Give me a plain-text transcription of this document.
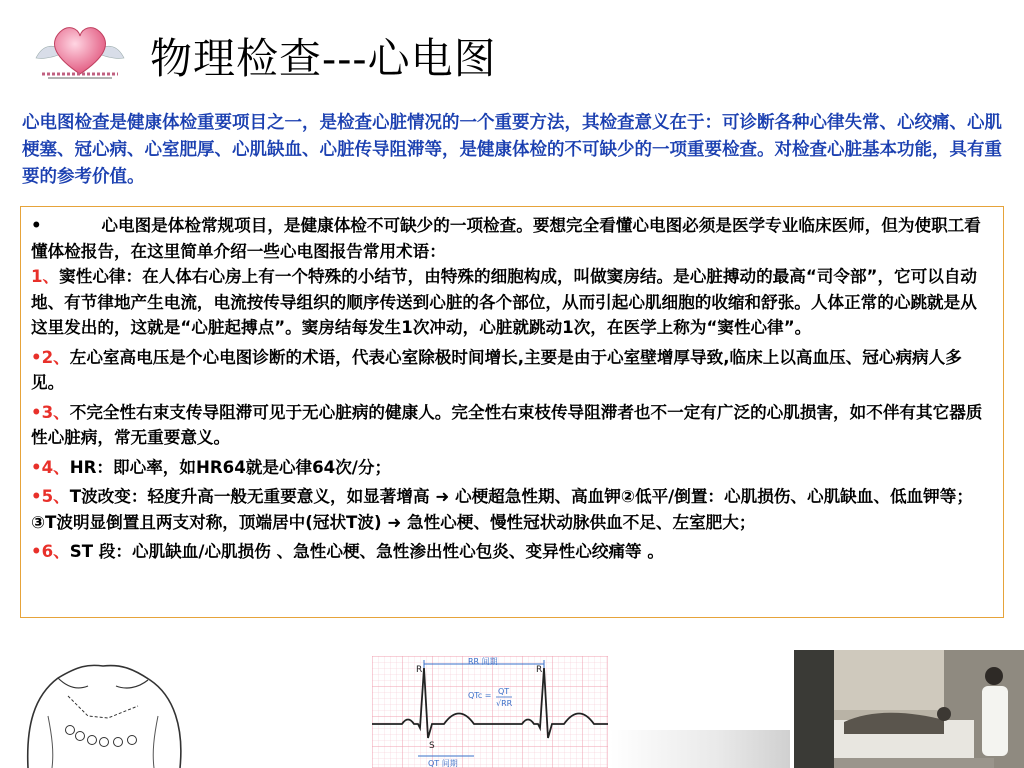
物理检查---心电图

心电图检查是健康体检重要项目之一，是检查心脏情况的一个重要方法，其检查意义在于：可诊断各种心律失常、心绞痛、心肌梗塞、冠心病、心室肥厚、心肌缺血、心脏传导阻滞等，是健康体检的不可缺少的一项重要检查。对检查心脏基本功能，具有重要的参考价值。

•	心电图是体检常规项目，是健康体检不可缺少的一项检查。要想完全看懂心电图必须是医学专业临床医师，但为使职工看懂体检报告，在这里简单介绍一些心电图报告常用术语：
1、窦性心律：在人体右心房上有一个特殊的小结节，由特殊的细胞构成，叫做窦房结。是心脏搏动的最高“司令部”，它可以自动地、有节律地产生电流，电流按传导组织的顺序传送到心脏的各个部位，从而引起心肌细胞的收缩和舒张。人体正常的心跳就是从这里发出的，这就是“心脏起搏点”。窦房结每发生1次冲动，心脏就跳动1次，在医学上称为“窦性心律”。

•2、左心室高电压是个心电图诊断的术语，代表心室除极时间增长,主要是由于心室壁增厚导致,临床上以高血压、冠心病病人多见。

•3、不完全性右束支传导阻滞可见于无心脏病的健康人。完全性右束枝传导阻滞者也不一定有广泛的心肌损害，如不伴有其它器质性心脏病，常无重要意义。

•4、HR：即心率，如HR64就是心律64次/分；

•5、T波改变：轻度升高一般无重要意义，如显著增高 ➜ 心梗超急性期、高血钾②低平/倒置：心肌损伤、心肌缺血、低血钾等；③T波明显倒置且两支对称，顶端居中(冠状T波) ➜ 急性心梗、慢性冠状动脉供血不足、左室肥大；

•6、ST 段：心肌缺血/心肌损伤 、急性心梗、急性渗出性心包炎、变异性心绞痛等 。

RR 间期
R	R
S
QTc = QT
√RR
QT 间期
